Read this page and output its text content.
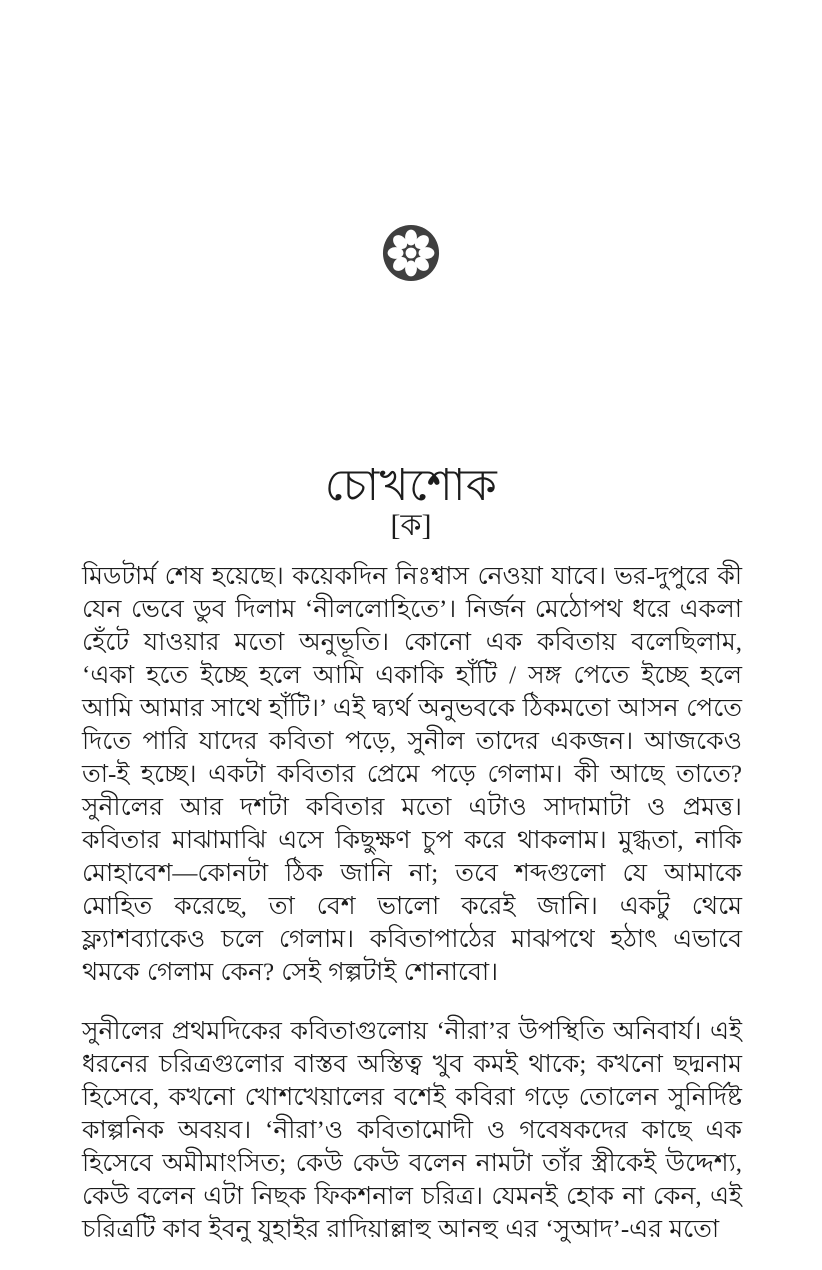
চোখশোক
[ক]

মিডটার্ম শেষ হয়েছে। কয়েকদিন নিঃশ্বাস নেওয়া যাবে। ভর-দুপুরে কী যেন ভেবে ডুব দিলাম ‘নীললোহিতে’। নির্জন মেঠোপথ ধরে একলা হেঁটে যাওয়ার মতো অনুভূতি। কোনো এক কবিতায় বলেছিলাম, ‘একা হতে ইচ্ছে হলে আমি একাকি হাঁটি / সঙ্গ পেতে ইচ্ছে হলে আমি আমার সাথে হাঁটি।’ এই দ্ব্যর্থ অনুভবকে ঠিকমতো আসন পেতে দিতে পারি যাদের কবিতা পড়ে, সুনীল তাদের একজন। আজকেও তা-ই হচ্ছে। একটা কবিতার প্রেমে পড়ে গেলাম। কী আছে তাতে? সুনীলের আর দশটা কবিতার মতো এটাও সাদামাটা ও প্রমত্ত। কবিতার মাঝামাঝি এসে কিছুক্ষণ চুপ করে থাকলাম। মুগ্ধতা, নাকি মোহাবেশ—কোনটা ঠিক জানি না; তবে শব্দগুলো যে আমাকে মোহিত করেছে, তা বেশ ভালো করেই জানি। একটু থেমে ফ্ল্যাশব্যাকেও চলে গেলাম। কবিতাপাঠের মাঝপথে হঠাৎ এভাবে থমকে গেলাম কেন? সেই গল্পটাই শোনাবো।

সুনীলের প্রথমদিকের কবিতাগুলোয় ‘নীরা’র উপস্থিতি অনিবার্য। এই ধরনের চরিত্রগুলোর বাস্তব অস্তিত্ব খুব কমই থাকে; কখনো ছদ্মনাম হিসেবে, কখনো খোশখেয়ালের বশেই কবিরা গড়ে তোলেন সুনির্দিষ্ট কাল্পনিক অবয়ব। ‘নীরা’ও কবিতামোদী ও গবেষকদের কাছে এক হিসেবে অমীমাংসিত; কেউ কেউ বলেন নামটা তাঁর স্ত্রীকেই উদ্দেশ্য, কেউ বলেন এটা নিছক ফিকশনাল চরিত্র। যেমনই হোক না কেন, এই চরিত্রটি কাব ইবনু যুহাইর রাদিয়াল্লাহু আনহু এর ‘সুআদ’-এর মতো
